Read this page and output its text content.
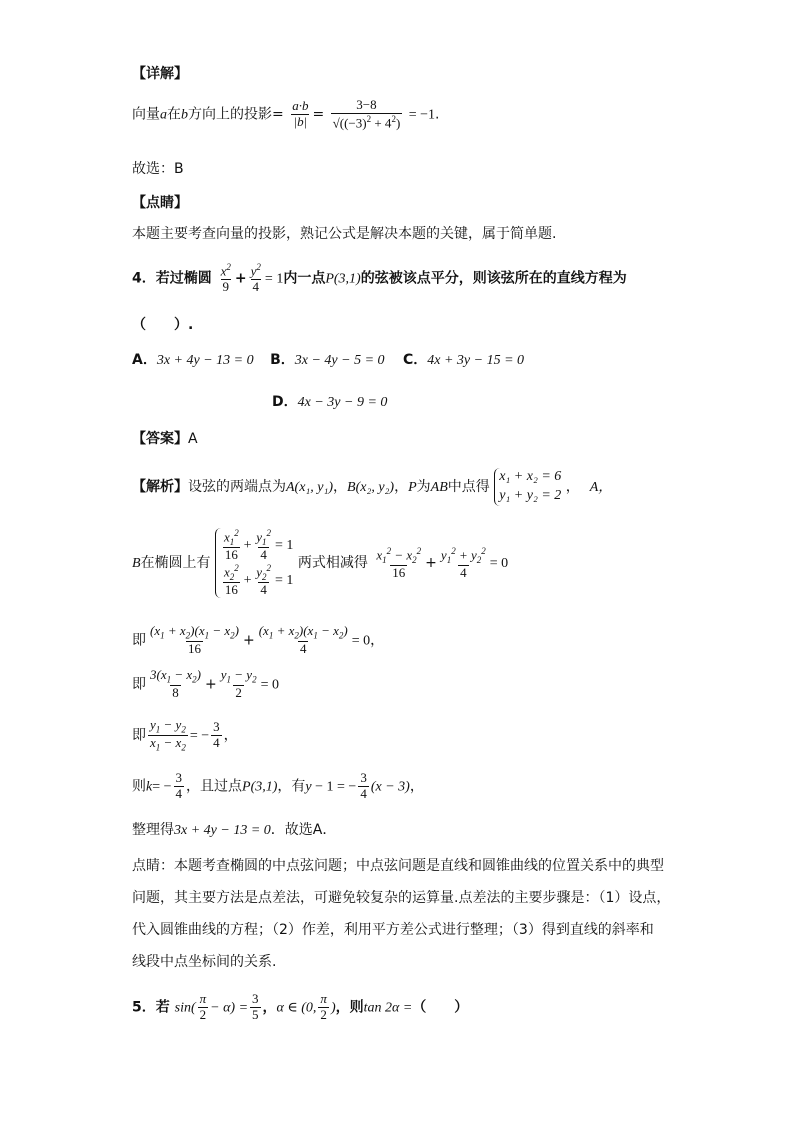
【详解】
向量a在b方向上的投影= $\frac{a\cdot b}{|b|} = \frac{3-8}{√((-3)^2 + 4^2)} = -1$.
故选：B
【点睛】
本题主要考查向量的投影，熟记公式是解决本题的关键，属于简单题.
4．若过椭圆 $\frac{x^2}{9} + \frac{y^2}{4} = 1$内一点P(3,1)的弦被该点平分，则该弦所在的直线方程为
（　　）.
A．3x + 4y − 13 = 0 B．3x − 4y − 5 = 0 C．4x + 3y − 15 = 0
D．4x − 3y − 9 = 0
【答案】A
【解析】设弦的两端点为A(x₁, y₁)，B(x₂, y₂)，P为AB中点得
x₁ + x₂ = 6
y₁ + y₂ = 2
， A，
B在椭圆上有 $\frac{x_1^2}{16} + \frac{y_1^2}{4} = 1$
$\frac{x_2^2}{16} + \frac{y_2^2}{4} = 1$
两式相减得 $\frac{x_1^2 - x_2^2}{16} + \frac{y_1^2 + y_2^2}{4} = 0$
即 $\frac{(x_1 + x_2)(x_1 - x_2)}{16} + \frac{(x_1 + x_2)(x_1 - x_2)}{4} = 0$，
即 $\frac{3(x_1 - x_2)}{8} + \frac{y_1 - y_2}{2} = 0$
即 $\frac{y_1 - y_2}{x_1 - x_2}$ = − $\frac{3}{4}$ ，
则$k= - \frac{3}{4}$ ，且过点P(3,1)，有y − 1 = − $\frac{3}{4} (x - 3)$，
整理得3x + 4y − 13 = 0．故选A．
点睛：本题考查椭圆的中点弦问题；中点弦问题是直线和圆锥曲线的位置关系中的典型
问题，其主要方法是点差法，可避免较复杂的运算量.点差法的主要步骤是：（1）设点，
代入圆锥曲线的方程；（2）作差，利用平方差公式进行整理；（3）得到直线的斜率和
线段中点坐标间的关系.
5．若 $\sin( \frac{\pi}{2} - \alpha) = \frac{3}{5}$ ，α ∈ (0, $\frac{\pi}{2}$ )，则tan 2α =（　　）
